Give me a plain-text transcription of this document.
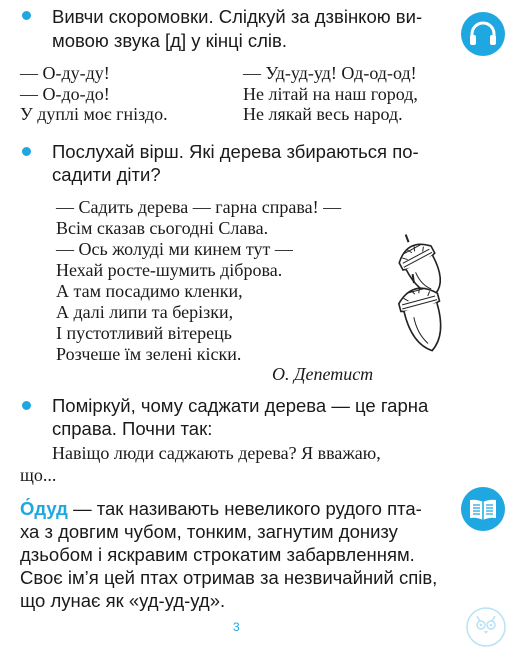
Вивчи скоромовки. Слідкуй за дзвінкою ви-
мовою звука [д] у кінці слів.
— О-ду-ду!
— О-до-до!
У дуплі моє гніздо.
— Уд-уд-уд! Од-од-од!
Не літай на наш город,
Не лякай весь народ.
Послухай вірш. Які дерева збираються по-
садити діти?
— Садить дерева — гарна справа! —
Всім сказав сьогодні Слава.
— Ось жолуді ми кинем тут —
Нехай росте-шумить діброва.
А там посадимо кленки,
А далі липи та берізки,
І пустотливий вітерець
Розчеше їм зелені кіски.
О. Депетист
Поміркуй, чому саджати дерева — це гарна
справа. Почни так:
Навіщо люди саджають дерева? Я вважаю,
що...
О́дуд — так називають невеликого рудого пта-
ха з довгим чубом, тонким, загнутим донизу
дзьобом і яскравим строкатим забарвленням.
Своє ім’я цей птах отримав за незвичайний спів,
що лунає як «уд-уд-уд».
3
